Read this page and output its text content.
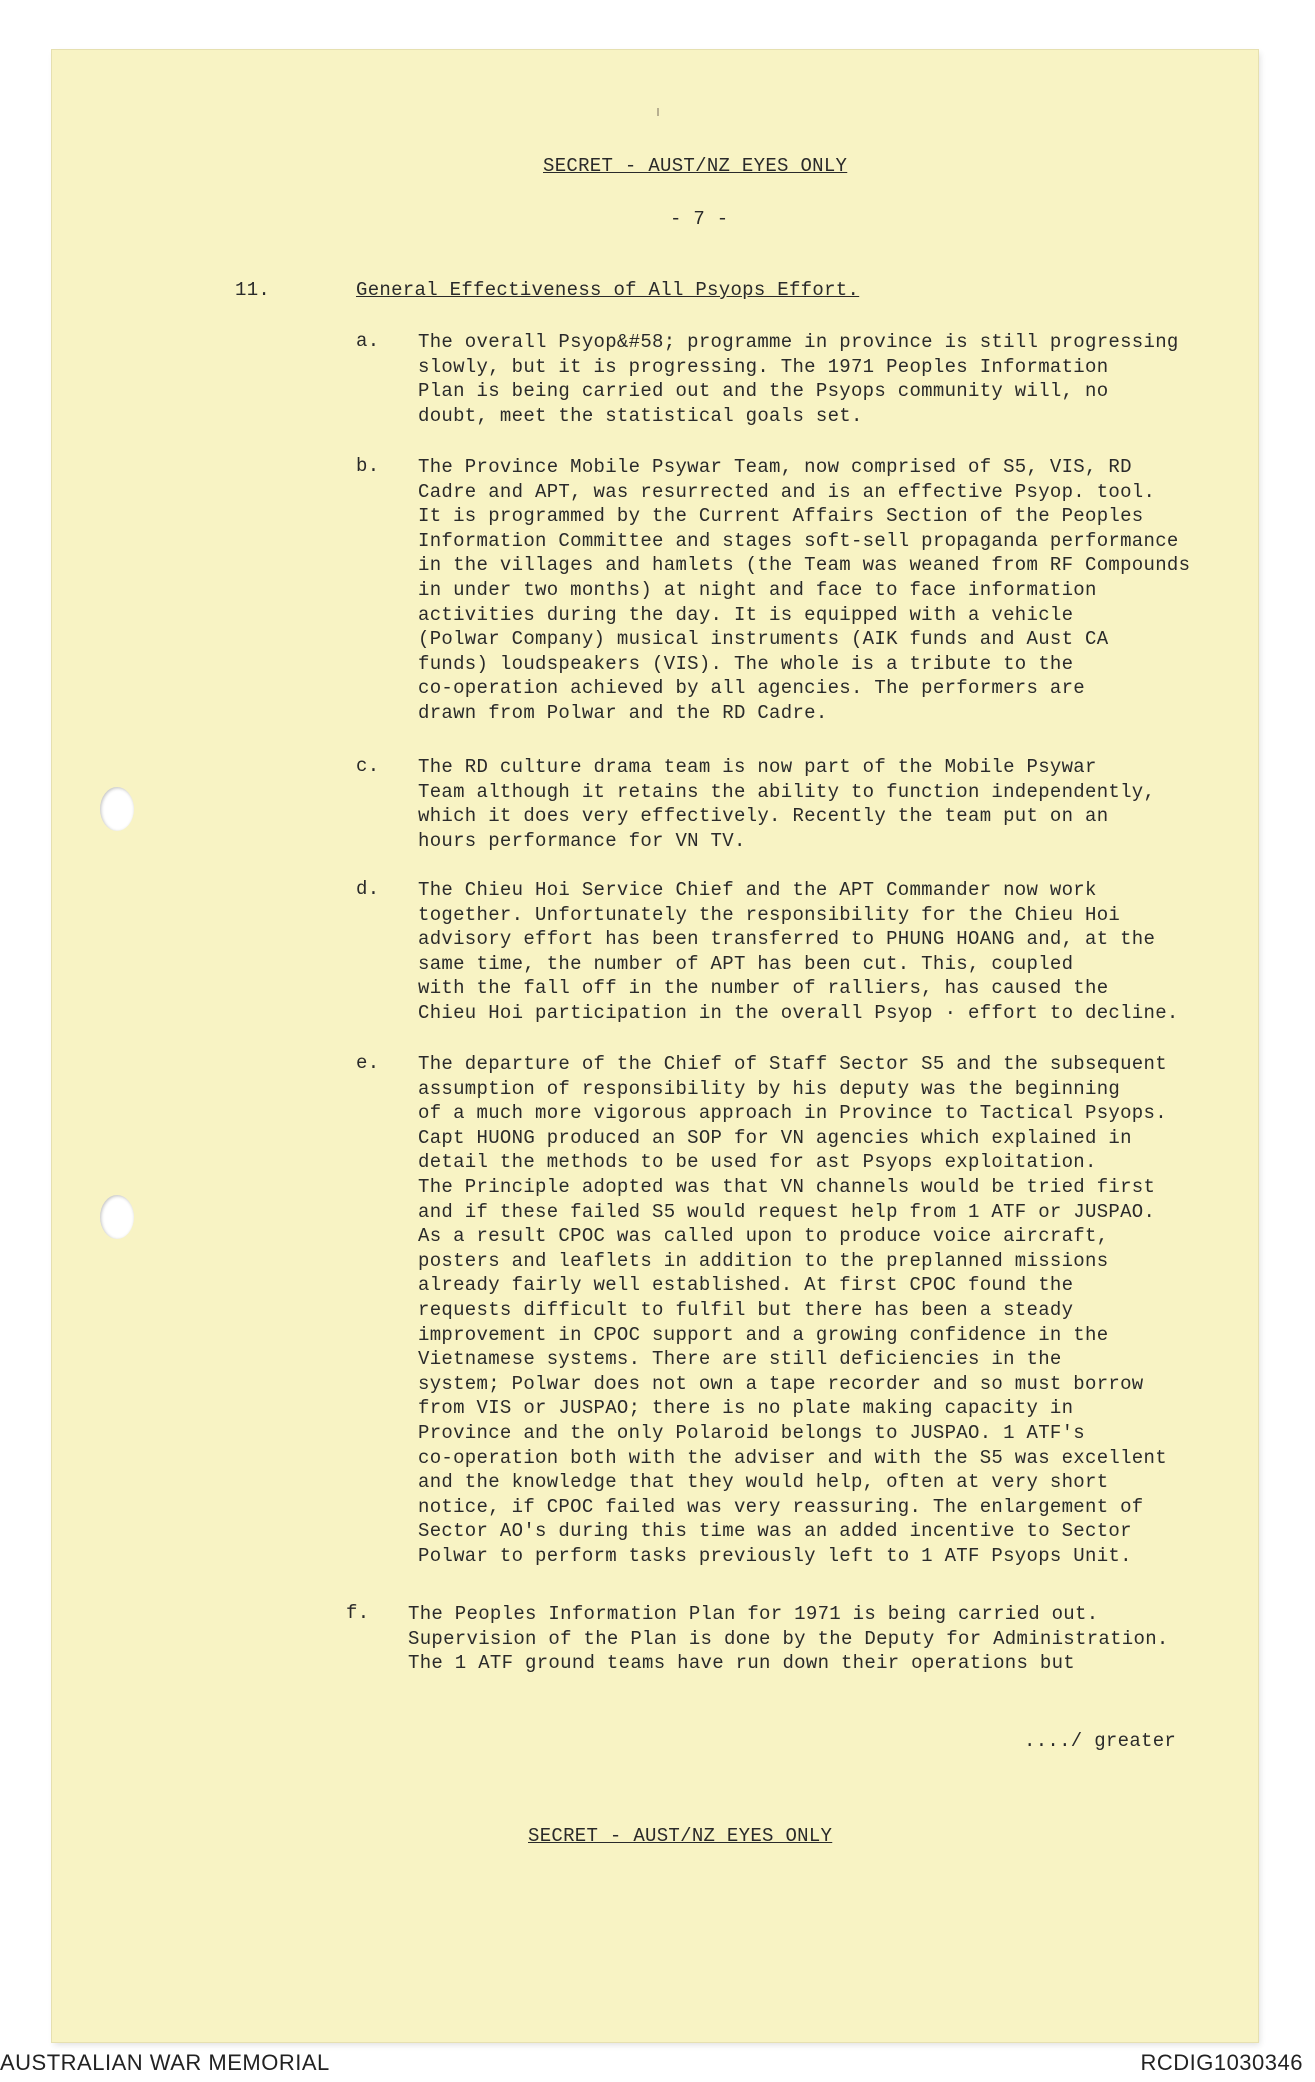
SECRET - AUST/NZ EYES ONLY
- 7 -
11.	General Effectiveness of All Psyops Effort.
a. The overall Psyop&#58; programme in province is still progressing
slowly, but it is progressing. The 1971 Peoples Information
Plan is being carried out and the Psyops community will, no
doubt, meet the statistical goals set.
b. The Province Mobile Psywar Team, now comprised of S5, VIS, RD
Cadre and APT, was resurrected and is an effective Psyop. tool.
It is programmed by the Current Affairs Section of the Peoples
Information Committee and stages soft-sell propaganda performance
in the villages and hamlets (the Team was weaned from RF Compounds
in under two months) at night and face to face information
activities during the day. It is equipped with a vehicle
(Polwar Company) musical instruments (AIK funds and Aust CA
funds) loudspeakers (VIS). The whole is a tribute to the
co-operation achieved by all agencies. The performers are
drawn from Polwar and the RD Cadre.
c. The RD culture drama team is now part of the Mobile Psywar
Team although it retains the ability to function independently,
which it does very effectively. Recently the team put on an
hours performance for VN TV.
d. The Chieu Hoi Service Chief and the APT Commander now work
together. Unfortunately the responsibility for the Chieu Hoi
advisory effort has been transferred to PHUNG HOANG and, at the
same time, the number of APT has been cut. This, coupled
with the fall off in the number of ralliers, has caused the
Chieu Hoi participation in the overall Psyop · effort to decline.
e. The departure of the Chief of Staff Sector S5 and the subsequent
assumption of responsibility by his deputy was the beginning
of a much more vigorous approach in Province to Tactical Psyops.
Capt HUONG produced an SOP for VN agencies which explained in
detail the methods to be used for ast Psyops exploitation.
The Principle adopted was that VN channels would be tried first
and if these failed S5 would request help from 1 ATF or JUSPAO.
As a result CPOC was called upon to produce voice aircraft,
posters and leaflets in addition to the preplanned missions
already fairly well established. At first CPOC found the
requests difficult to fulfil but there has been a steady
improvement in CPOC support and a growing confidence in the
Vietnamese systems. There are still deficiencies in the
system; Polwar does not own a tape recorder and so must borrow
from VIS or JUSPAO; there is no plate making capacity in
Province and the only Polaroid belongs to JUSPAO. 1 ATF's
co-operation both with the adviser and with the S5 was excellent
and the knowledge that they would help, often at very short
notice, if CPOC failed was very reassuring. The enlargement of
Sector AO's during this time was an added incentive to Sector
Polwar to perform tasks previously left to 1 ATF Psyops Unit.
f. The Peoples Information Plan for 1971 is being carried out.
Supervision of the Plan is done by the Deputy for Administration.
The 1 ATF ground teams have run down their operations but
..../ greater
SECRET - AUST/NZ EYES ONLY
AUSTRALIAN WAR MEMORIAL	RCDIG1030346
